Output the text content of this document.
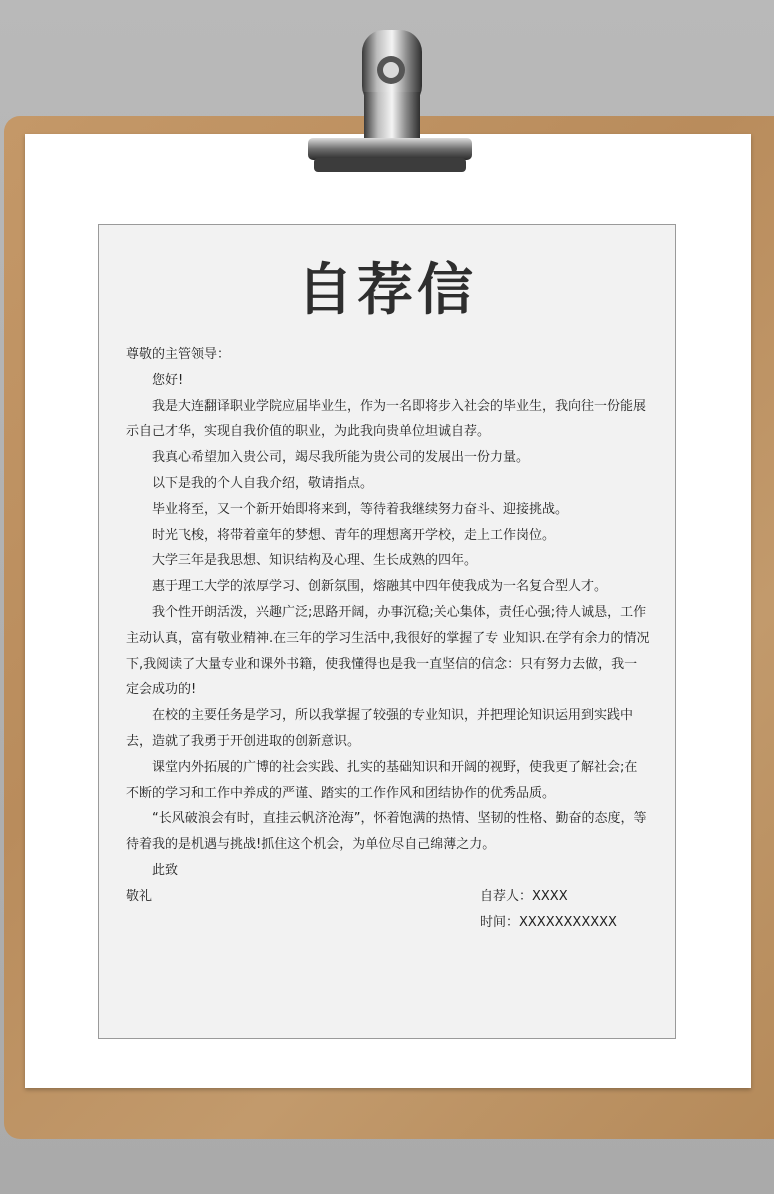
自荐信

尊敬的主管领导：

您好!

我是大连翻译职业学院应届毕业生，作为一名即将步入社会的毕业生，我向往一份能展示自己才华，实现自我价值的职业，为此我向贵单位坦诚自荐。

我真心希望加入贵公司，竭尽我所能为贵公司的发展出一份力量。

以下是我的个人自我介绍，敬请指点。

毕业将至，又一个新开始即将来到，等待着我继续努力奋斗、迎接挑战。

时光飞梭，将带着童年的梦想、青年的理想离开学校，走上工作岗位。

大学三年是我思想、知识结构及心理、生长成熟的四年。

惠于理工大学的浓厚学习、创新氛围，熔融其中四年使我成为一名复合型人才。

我个性开朗活泼，兴趣广泛;思路开阔，办事沉稳;关心集体，责任心强;待人诚恳，工作主动认真，富有敬业精神.在三年的学习生活中,我很好的掌握了专 业知识.在学有余力的情况下,我阅读了大量专业和课外书籍，使我懂得也是我一直坚信的信念：只有努力去做，我一定会成功的!

在校的主要任务是学习，所以我掌握了较强的专业知识，并把理论知识运用到实践中去，造就了我勇于开创进取的创新意识。

课堂内外拓展的广博的社会实践、扎实的基础知识和开阔的视野，使我更了解社会;在不断的学习和工作中养成的严谨、踏实的工作作风和团结协作的优秀品质。

“长风破浪会有时，直挂云帆济沧海”，怀着饱满的热情、坚韧的性格、勤奋的态度，等待着我的是机遇与挑战!抓住这个机会，为单位尽自己绵薄之力。

此致

敬礼	自荐人：XXXX
时间：XXXXXXXXXXX
